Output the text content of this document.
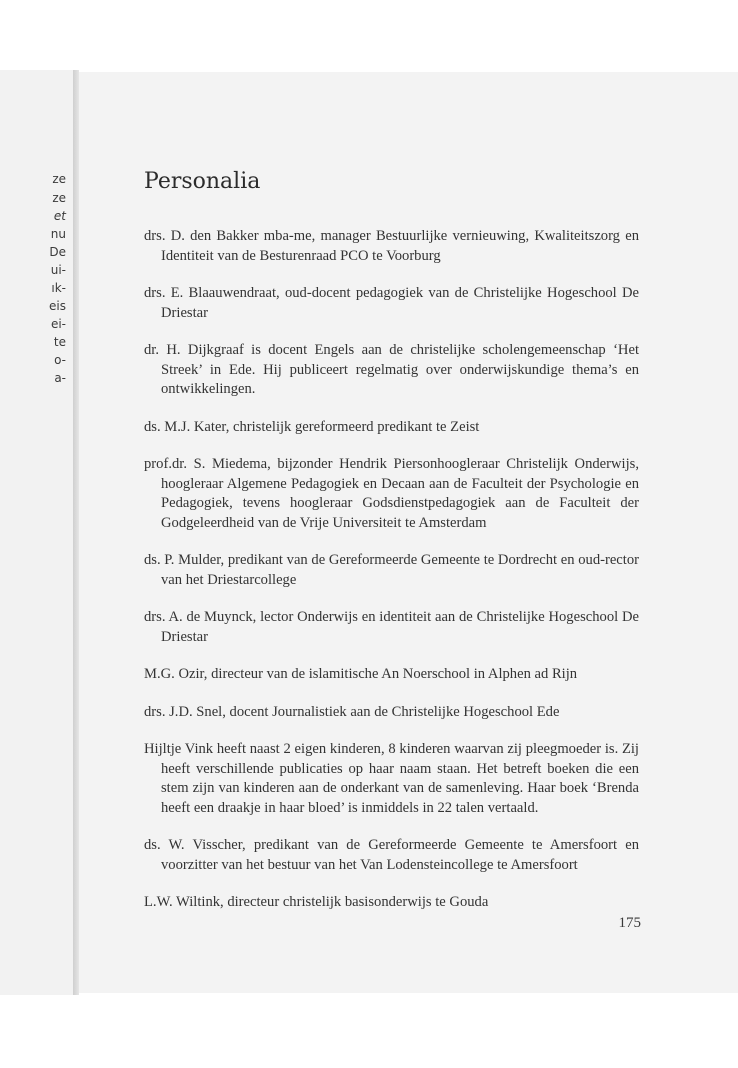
ze
ze
et
nu
De
ui-
ık-
eis
ei-
te
o-
a-
Personalia
drs. D. den Bakker mba-me, manager Bestuurlijke vernieuwing, Kwaliteitszorg en Identiteit van de Besturenraad PCO te Voorburg
drs. E. Blaauwendraat, oud-docent pedagogiek van de Christelijke Hogeschool De Driestar
dr. H. Dijkgraaf is docent Engels aan de christelijke scholengemeenschap ‘Het Streek’ in Ede. Hij publiceert regelmatig over onderwijskundige thema’s en ontwikkelingen.
ds. M.J. Kater, christelijk gereformeerd predikant te Zeist
prof.dr. S. Miedema, bijzonder Hendrik Piersonhoogleraar Christelijk Onderwijs, hoogleraar Algemene Pedagogiek en Decaan aan de Faculteit der Psychologie en Pedagogiek, tevens hoogleraar Godsdienstpedagogiek aan de Faculteit der Godgeleerdheid van de Vrije Universiteit te Amsterdam
ds. P. Mulder, predikant van de Gereformeerde Gemeente te Dordrecht en oud-rector van het Driestarcollege
drs. A. de Muynck, lector Onderwijs en identiteit aan de Christelijke Hogeschool De Driestar
M.G. Ozir, directeur van de islamitische An Noerschool in Alphen ad Rijn
drs. J.D. Snel, docent Journalistiek aan de Christelijke Hogeschool Ede
Hijltje Vink heeft naast 2 eigen kinderen, 8 kinderen waarvan zij pleegmoeder is. Zij heeft verschillende publicaties op haar naam staan. Het betreft boeken die een stem zijn van kinderen aan de onderkant van de samenleving. Haar boek ‘Brenda heeft een draakje in haar bloed’ is inmiddels in 22 talen vertaald.
ds. W. Visscher, predikant van de Gereformeerde Gemeente te Amersfoort en voorzitter van het bestuur van het Van Lodensteincollege te Amersfoort
L.W. Wiltink, directeur christelijk basisonderwijs te Gouda
175
